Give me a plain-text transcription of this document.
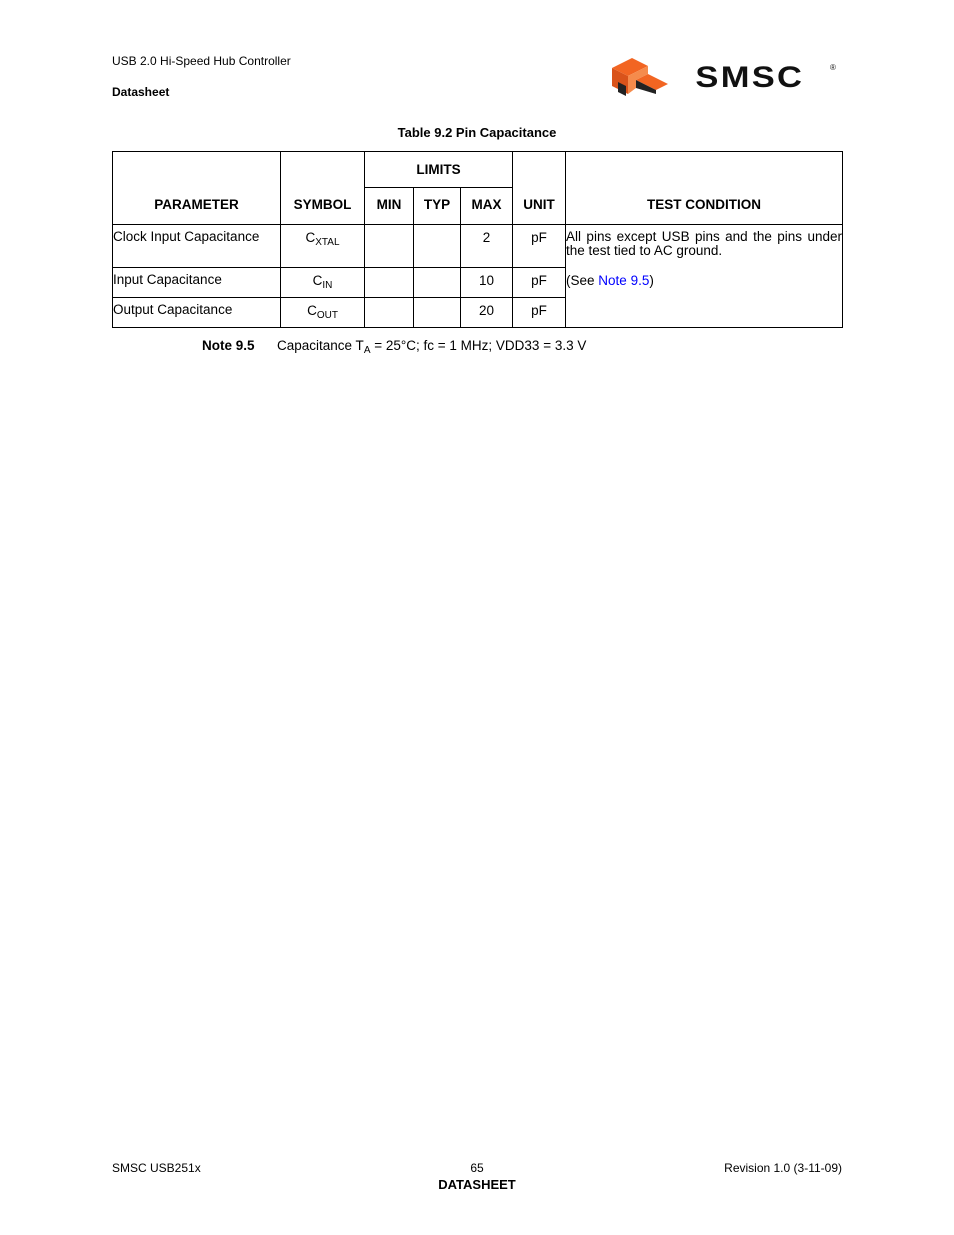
USB 2.0 Hi-Speed Hub Controller
Datasheet	SMSC	®
Table 9.2 Pin Capacitance
PARAMETER	SYMBOL	LIMITS			UNIT	TEST CONDITION
		MIN	TYP	MAX		
Clock Input Capacitance	$C_{XTAL}$			2	pF	All pins except USB pins and the pins under the test tied to AC ground.
(See Note 9.5)

Input Capacitance	$C_{IN}$			10	pF	
Output Capacitance	$C_{OUT}$			20	pF	
Note 9.5 Capacitance $T_A = 25^\circ C$; fc = 1 MHz; VDD33 = 3.3 V
SMSC USB251x	65	Revision 1.0 (3-11-09)
DATASHEET
